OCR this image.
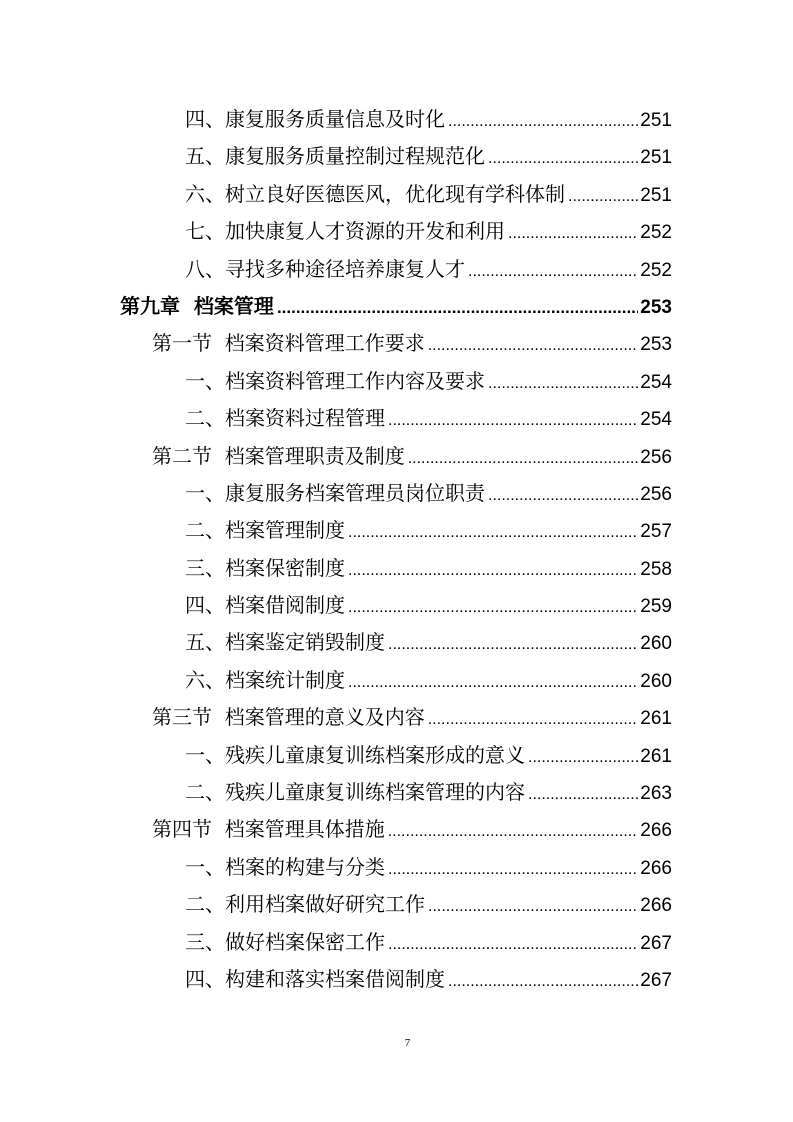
四、康复服务质量信息及时化 .....	251
五、康复服务质量控制过程规范化 .....	251
六、树立良好医德医风，优化现有学科体制 .....	251
七、加快康复人才资源的开发和利用 .....	252
八、寻找多种途径培养康复人才 .....	252
第九章  档案管理 .....	253
第一节  档案资料管理工作要求 .....	253
一、档案资料管理工作内容及要求 .....	254
二、档案资料过程管理 .....	254
第二节  档案管理职责及制度 .....	256
一、康复服务档案管理员岗位职责 .....	256
二、档案管理制度 .....	257
三、档案保密制度 .....	258
四、档案借阅制度 .....	259
五、档案鉴定销毁制度 .....	260
六、档案统计制度 .....	260
第三节  档案管理的意义及内容 .....	261
一、残疾儿童康复训练档案形成的意义 .....	261
二、残疾儿童康复训练档案管理的内容 .....	263
第四节  档案管理具体措施 .....	266
一、档案的构建与分类 .....	266
二、利用档案做好研究工作 .....	266
三、做好档案保密工作 .....	267
四、构建和落实档案借阅制度 .....	267
7
